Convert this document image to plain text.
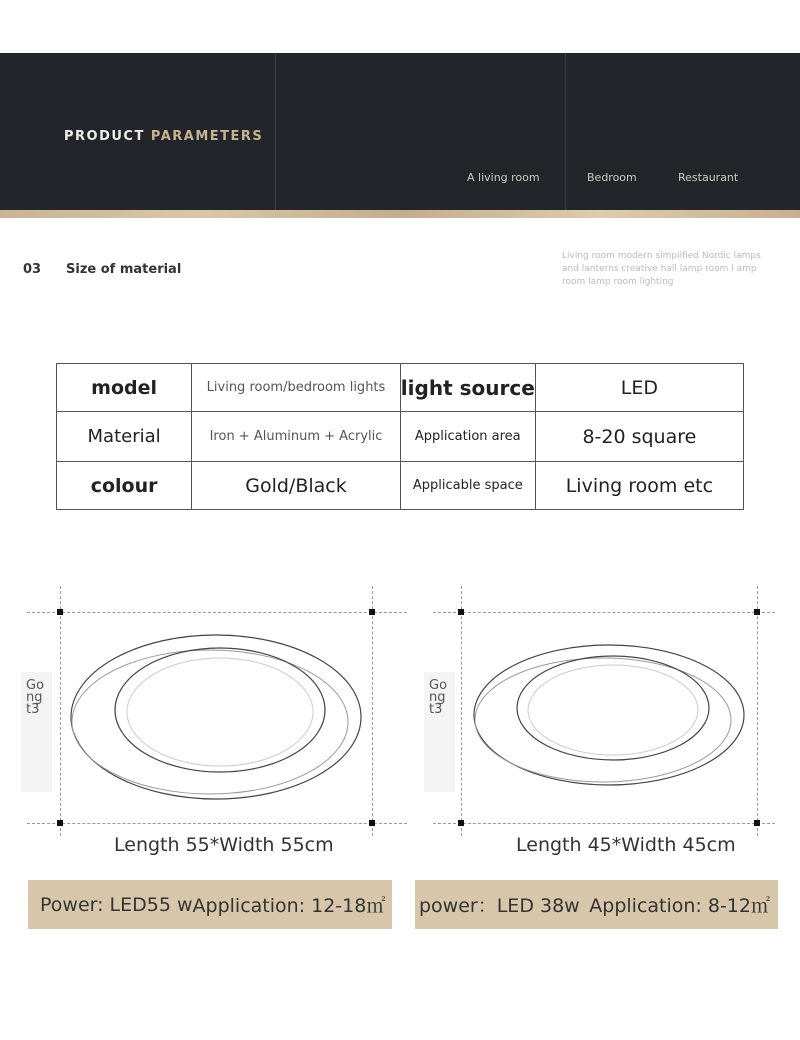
PRODUCT PARAMETERS
A living room	Bedroom	Restaurant
03 Size of material
Living room modern simplified Nordic lamps and lanterns creative hall lamp room l amp room lamp room lighting
model	Living room/bedroom lights	light source	LED
Material	Iron + Aluminum + Acrylic	Application area	8-20 square
colour	Gold/Black	Applicable space	Living room etc
Go ng t3
Length 55*Width 55cm
Power: LED55 w Application: 12-18㎡
Go ng t3
Length 45*Width 45cm
power：LED 38w Application: 8-12㎡
